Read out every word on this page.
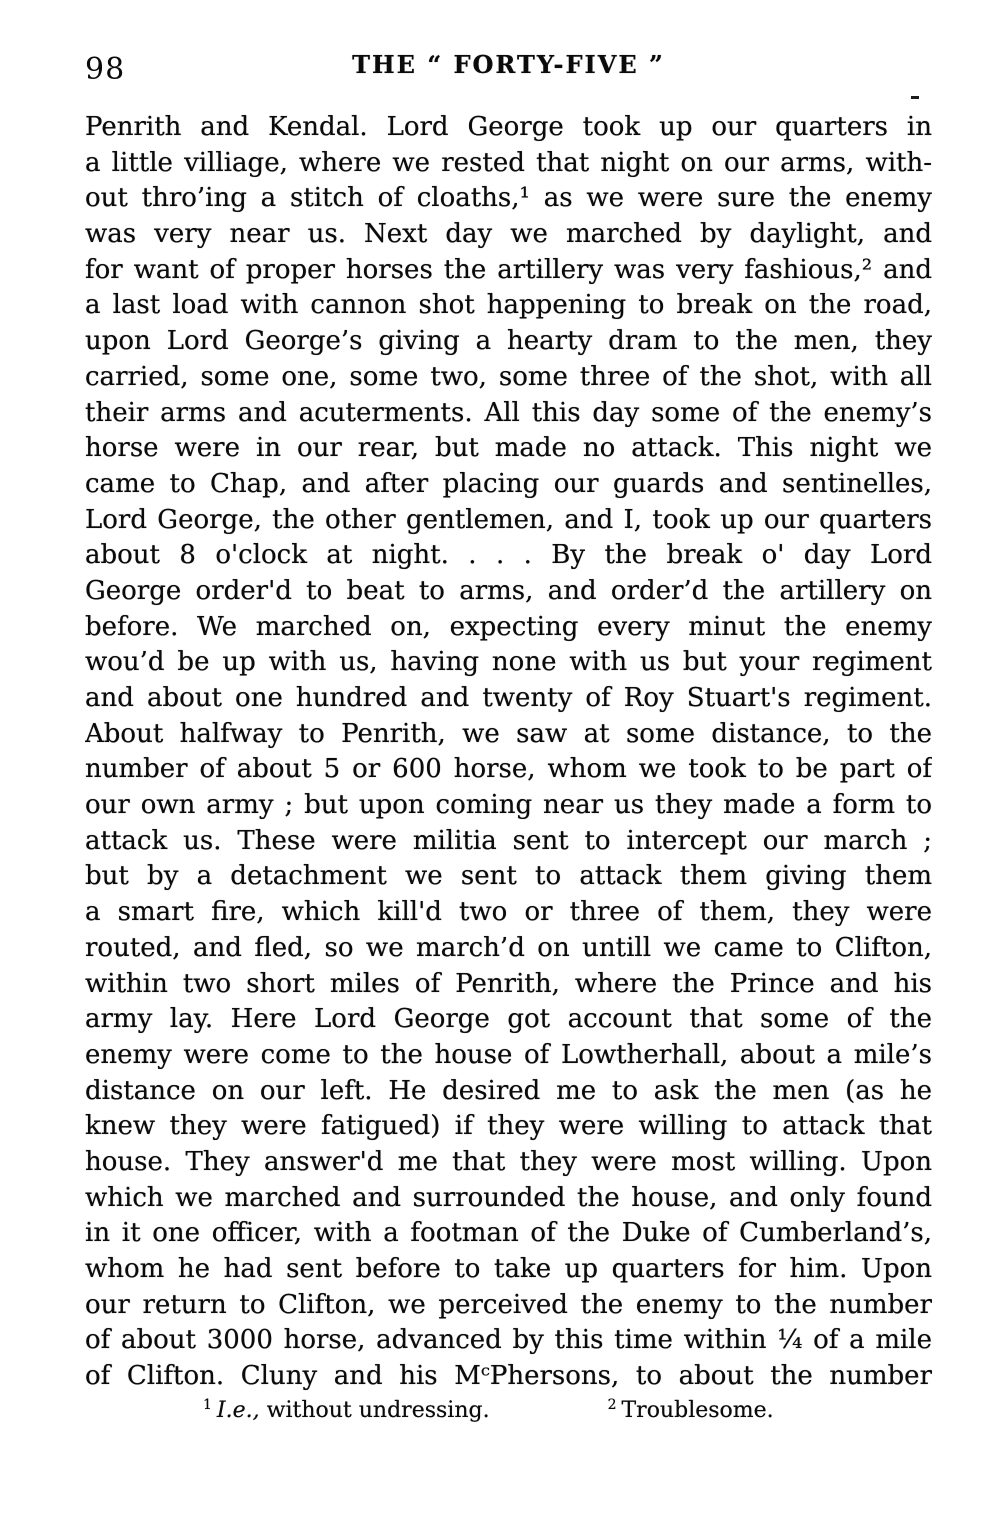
98	THE “ FORTY-FIVE ”
Penrith and Kendal. Lord George took up our quarters in
a little villiage, where we rested that night on our arms, with-
out thro’ing a stitch of cloaths,¹ as we were sure the enemy
was very near us. Next day we marched by daylight, and
for want of proper horses the artillery was very fashious,² and
a last load with cannon shot happening to break on the road,
upon Lord George’s giving a hearty dram to the men, they
carried, some one, some two, some three of the shot, with all
their arms and acuterments. All this day some of the enemy’s
horse were in our rear, but made no attack. This night we
came to Chap, and after placing our guards and sentinelles,
Lord George, the other gentlemen, and I, took up our quarters
about 8 o'clock at night. . . . By the break o' day Lord
George order'd to beat to arms, and order’d the artillery on
before. We marched on, expecting every minut the enemy
wou’d be up with us, having none with us but your regiment
and about one hundred and twenty of Roy Stuart's regiment.
About halfway to Penrith, we saw at some distance, to the
number of about 5 or 600 horse, whom we took to be part of
our own army ; but upon coming near us they made a form to
attack us. These were militia sent to intercept our march ;
but by a detachment we sent to attack them giving them
a smart fire, which kill'd two or three of them, they were
routed, and fled, so we march’d on untill we came to Clifton,
within two short miles of Penrith, where the Prince and his
army lay. Here Lord George got account that some of the
enemy were come to the house of Lowtherhall, about a mile’s
distance on our left. He desired me to ask the men (as he
knew they were fatigued) if they were willing to attack that
house. They answer'd me that they were most willing. Upon
which we marched and surrounded the house, and only found
in it one officer, with a footman of the Duke of Cumberland’s,
whom he had sent before to take up quarters for him. Upon
our return to Clifton, we perceived the enemy to the number
of about 3000 horse, advanced by this time within ¼ of a mile
of Clifton. Cluny and his MᶜPhersons, to about the number
$^1$ I.e., without undressing.	$^2$ Troublesome.
